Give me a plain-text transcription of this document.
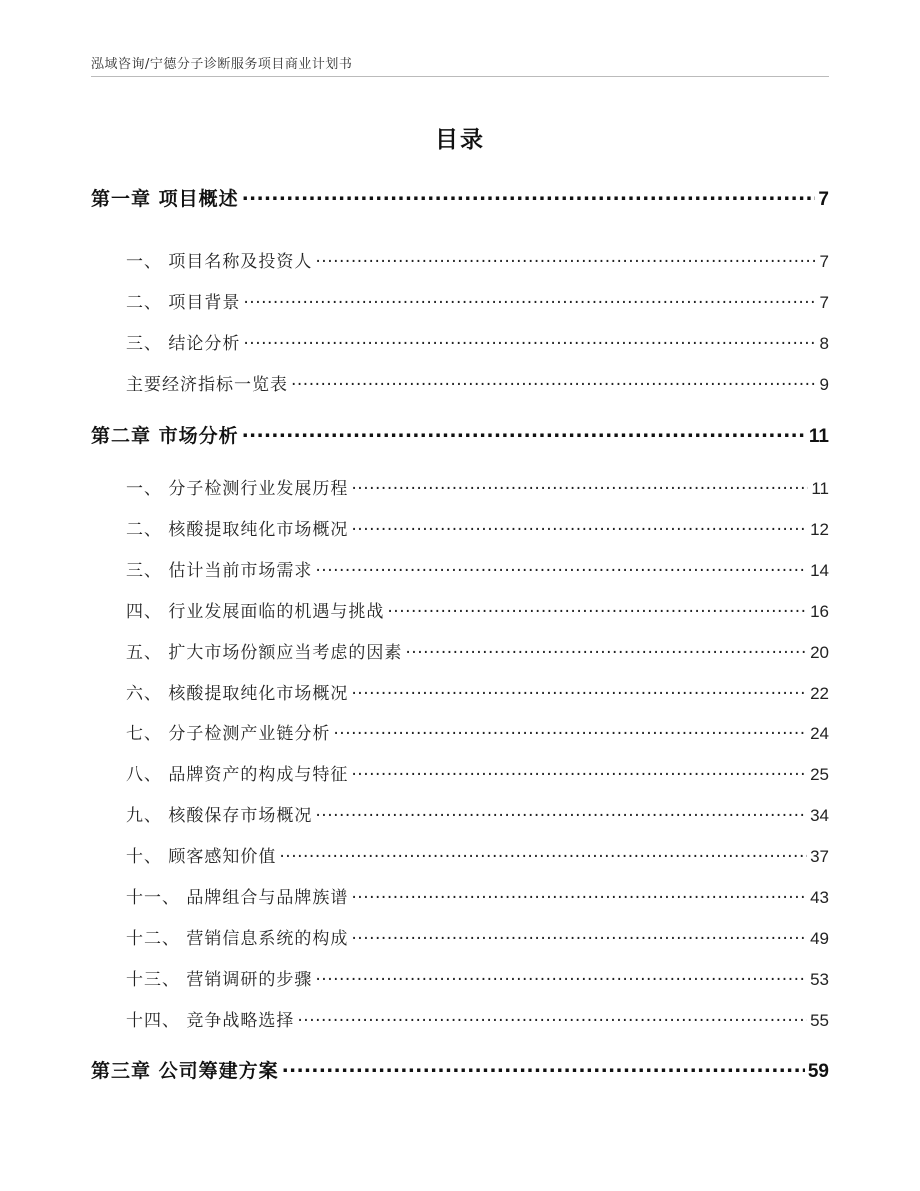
泓域咨询/宁德分子诊断服务项目商业计划书
目录
第一章 项目概述 .....	7
一、 项目名称及投资人 .....	7
二、 项目背景 .....	7
三、 结论分析 .....	8
主要经济指标一览表 .....	9
第二章 市场分析 .....	11
一、 分子检测行业发展历程 .....	11
二、 核酸提取纯化市场概况 .....	12
三、 估计当前市场需求 .....	14
四、 行业发展面临的机遇与挑战 .....	16
五、 扩大市场份额应当考虑的因素 .....	20
六、 核酸提取纯化市场概况 .....	22
七、 分子检测产业链分析 .....	24
八、 品牌资产的构成与特征 .....	25
九、 核酸保存市场概况 .....	34
十、 顾客感知价值 .....	37
十一、 品牌组合与品牌族谱 .....	43
十二、 营销信息系统的构成 .....	49
十三、 营销调研的步骤 .....	53
十四、 竞争战略选择 .....	55
第三章 公司筹建方案 .....	59
